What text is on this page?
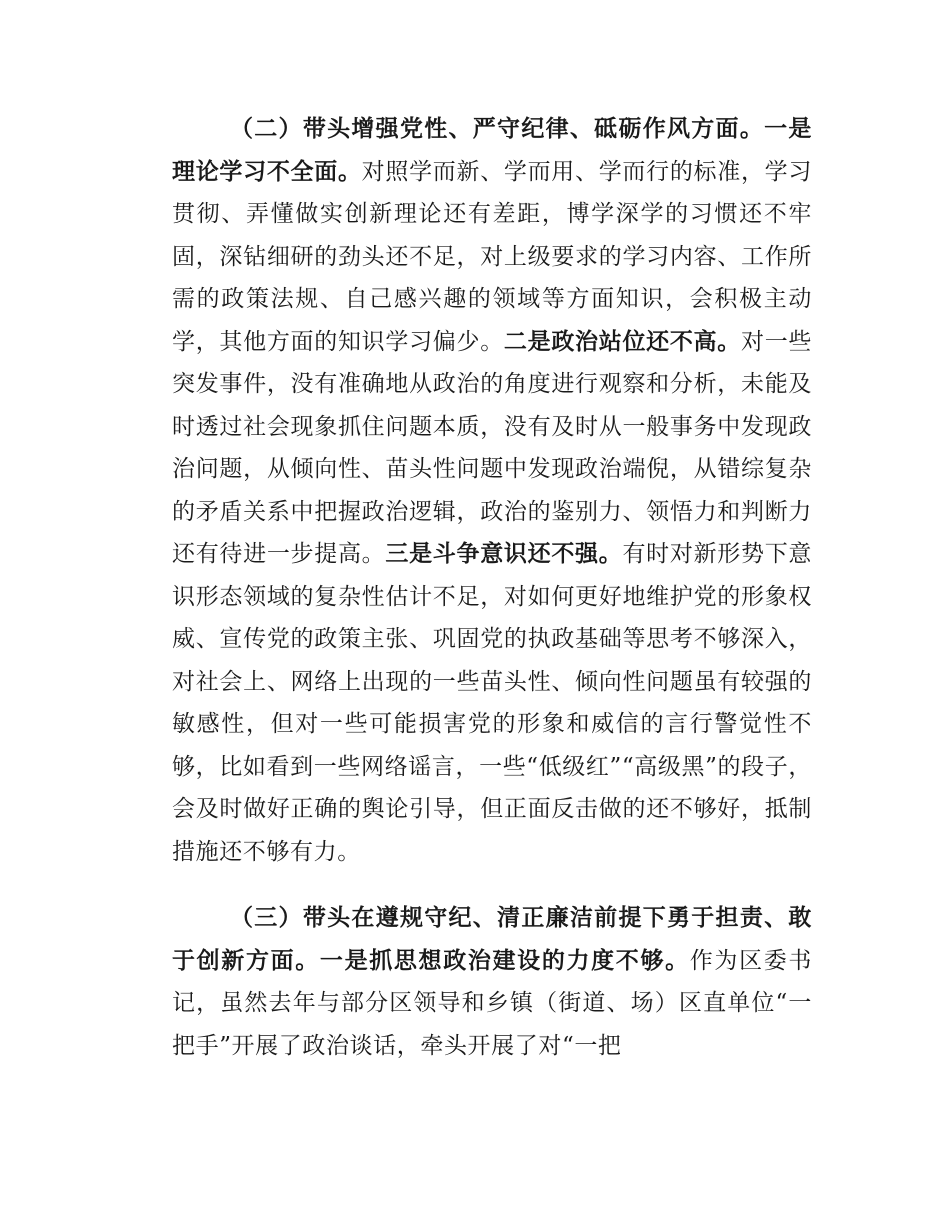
（二）带头增强党性、严守纪律、砥砺作风方面。一是理论学习不全面。对照学而新、学而用、学而行的标准，学习贯彻、弄懂做实创新理论还有差距，博学深学的习惯还不牢固，深钻细研的劲头还不足，对上级要求的学习内容、工作所需的政策法规、自己感兴趣的领域等方面知识，会积极主动学，其他方面的知识学习偏少。二是政治站位还不高。对一些突发事件，没有准确地从政治的角度进行观察和分析，未能及时透过社会现象抓住问题本质，没有及时从一般事务中发现政治问题，从倾向性、苗头性问题中发现政治端倪，从错综复杂的矛盾关系中把握政治逻辑，政治的鉴别力、领悟力和判断力还有待进一步提高。三是斗争意识还不强。有时对新形势下意识形态领域的复杂性估计不足，对如何更好地维护党的形象权威、宣传党的政策主张、巩固党的执政基础等思考不够深入，对社会上、网络上出现的一些苗头性、倾向性问题虽有较强的敏感性，但对一些可能损害党的形象和威信的言行警觉性不够，比如看到一些网络谣言，一些“低级红”“高级黑”的段子，会及时做好正确的舆论引导，但正面反击做的还不够好，抵制措施还不够有力。

（三）带头在遵规守纪、清正廉洁前提下勇于担责、敢于创新方面。一是抓思想政治建设的力度不够。作为区委书记，虽然去年与部分区领导和乡镇（街道、场）区直单位“一把手”开展了政治谈话，牵头开展了对“一把
